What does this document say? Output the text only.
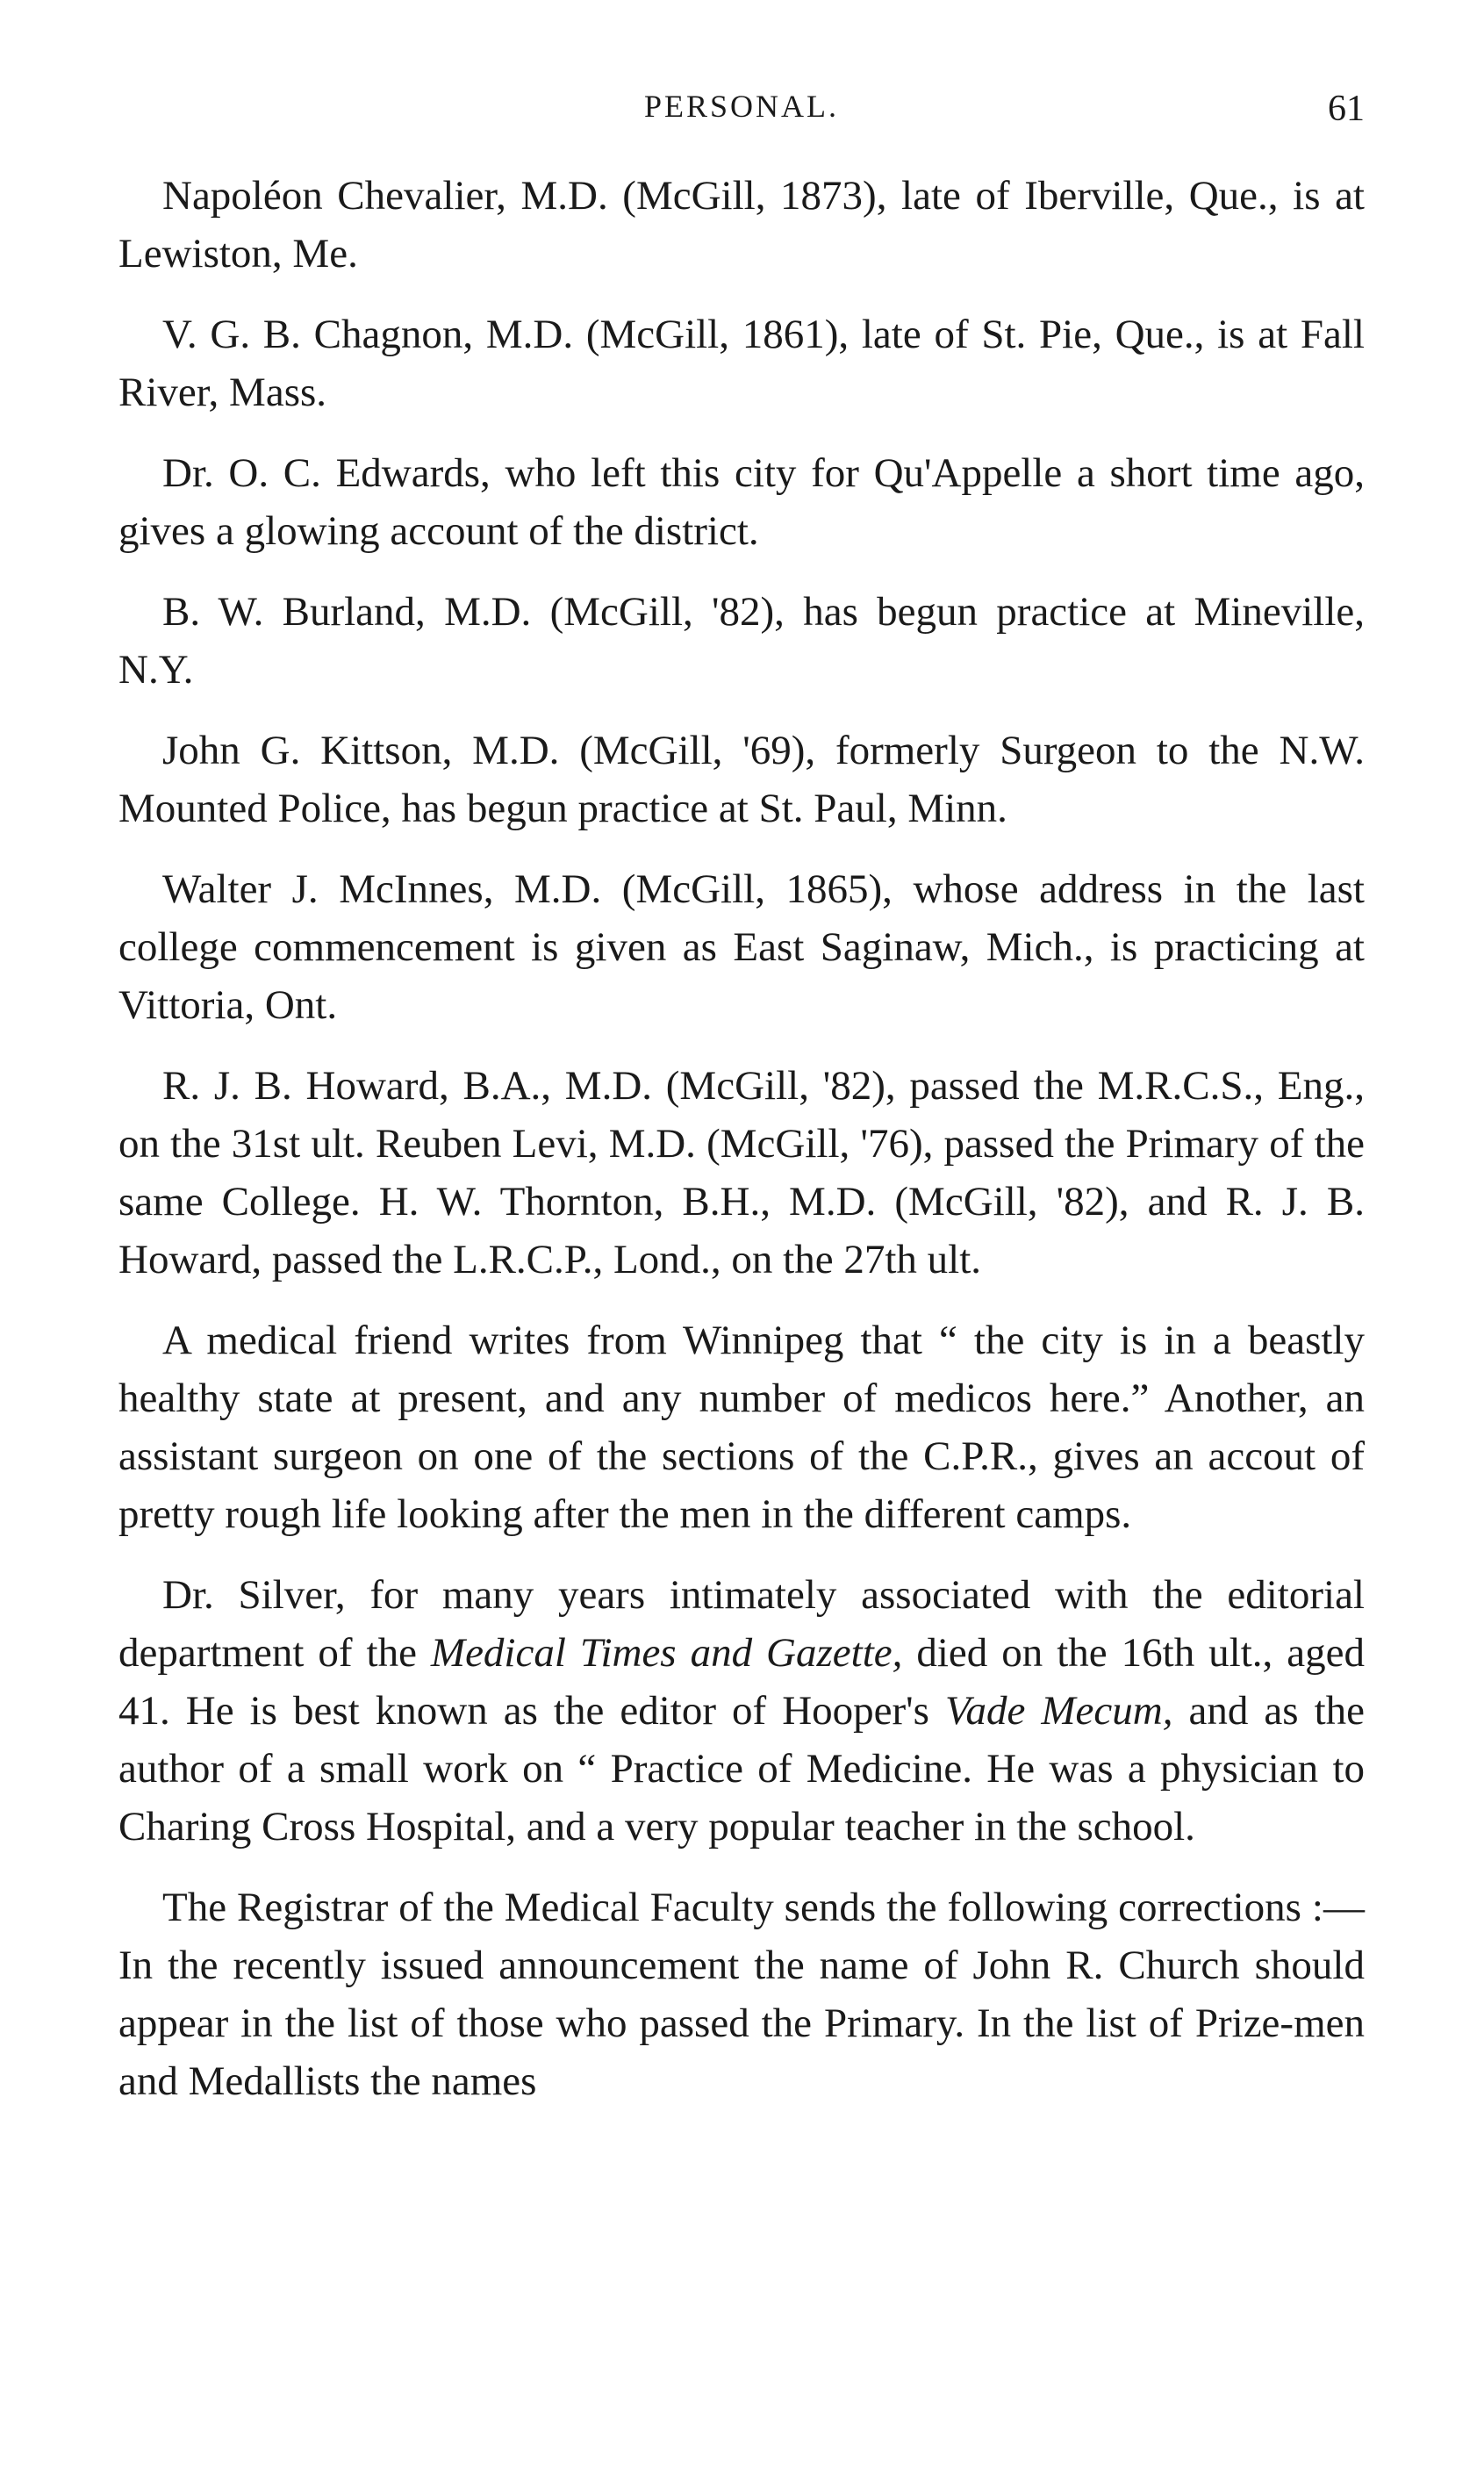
PERSONAL.	61

Napoléon Chevalier, M.D. (McGill, 1873), late of Iberville, Que., is at Lewiston, Me.

V. G. B. Chagnon, M.D. (McGill, 1861), late of St. Pie, Que., is at Fall River, Mass.

Dr. O. C. Edwards, who left this city for Qu'Appelle a short time ago, gives a glowing account of the district.

B. W. Burland, M.D. (McGill, '82), has begun practice at Mineville, N.Y.

John G. Kittson, M.D. (McGill, '69), formerly Surgeon to the N.W. Mounted Police, has begun practice at St. Paul, Minn.

Walter J. McInnes, M.D. (McGill, 1865), whose address in the last college commencement is given as East Saginaw, Mich., is practicing at Vittoria, Ont.

R. J. B. Howard, B.A., M.D. (McGill, '82), passed the M.R.C.S., Eng., on the 31st ult. Reuben Levi, M.D. (McGill, '76), passed the Primary of the same College. H. W. Thornton, B.H., M.D. (McGill, '82), and R. J. B. Howard, passed the L.R.C.P., Lond., on the 27th ult.

A medical friend writes from Winnipeg that “ the city is in a beastly healthy state at present, and any number of medicos here.” Another, an assistant surgeon on one of the sections of the C.P.R., gives an accout of pretty rough life looking after the men in the different camps.

Dr. Silver, for many years intimately associated with the editorial department of the Medical Times and Gazette, died on the 16th ult., aged 41. He is best known as the editor of Hooper's Vade Mecum, and as the author of a small work on “ Practice of Medicine. He was a physician to Charing Cross Hospital, and a very popular teacher in the school.

The Registrar of the Medical Faculty sends the following corrections :—In the recently issued announcement the name of John R. Church should appear in the list of those who passed the Primary. In the list of Prize-men and Medallists the names
